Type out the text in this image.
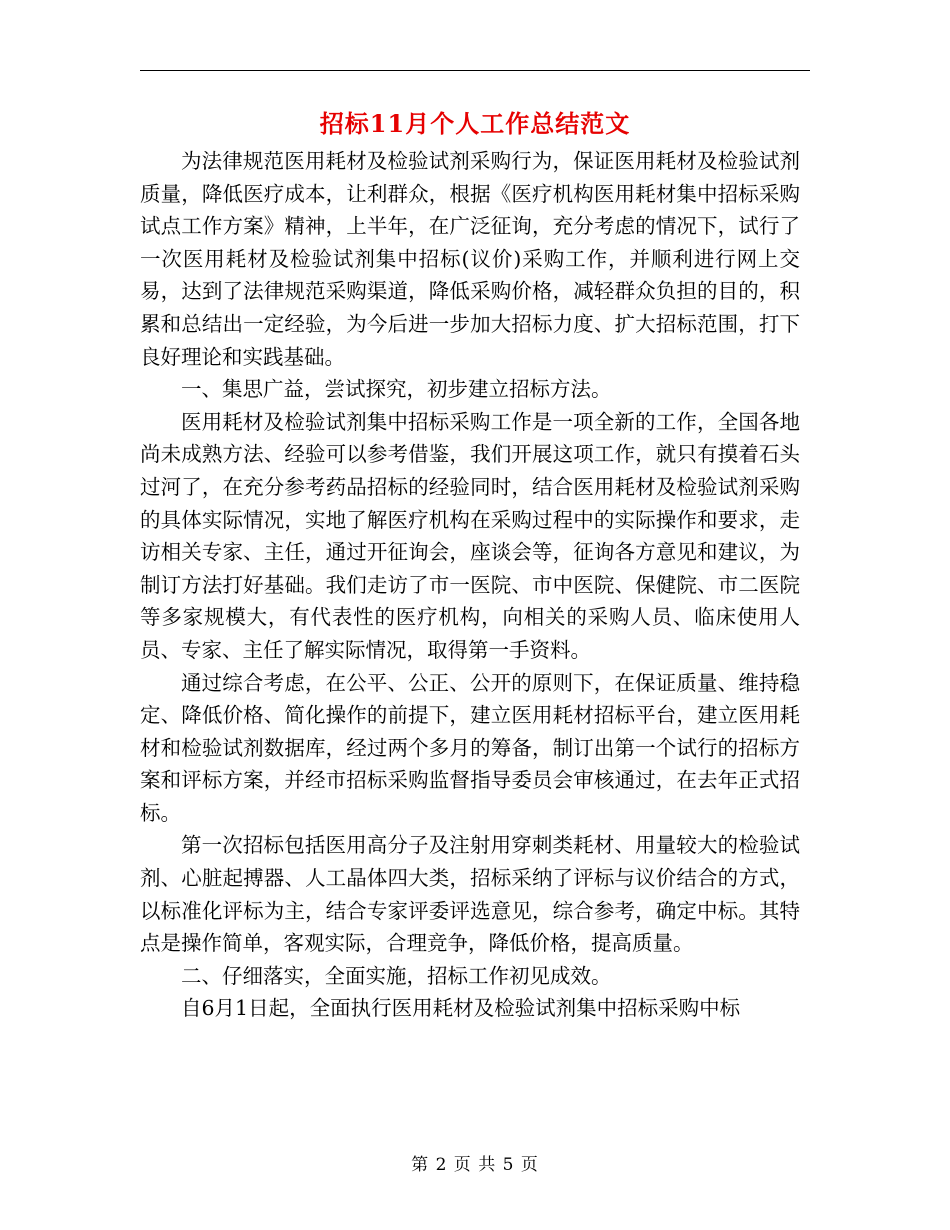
招标11月个人工作总结范文

为法律规范医用耗材及检验试剂采购行为，保证医用耗材及检验试剂质量，降低医疗成本，让利群众，根据《医疗机构医用耗材集中招标采购试点工作方案》精神，上半年，在广泛征询，充分考虑的情况下，试行了一次医用耗材及检验试剂集中招标(议价)采购工作，并顺利进行网上交易，达到了法律规范采购渠道，降低采购价格，减轻群众负担的目的，积累和总结出一定经验，为今后进一步加大招标力度、扩大招标范围，打下良好理论和实践基础。

一、集思广益，尝试探究，初步建立招标方法。

医用耗材及检验试剂集中招标采购工作是一项全新的工作，全国各地尚未成熟方法、经验可以参考借鉴，我们开展这项工作，就只有摸着石头过河了，在充分参考药品招标的经验同时，结合医用耗材及检验试剂采购的具体实际情况，实地了解医疗机构在采购过程中的实际操作和要求，走访相关专家、主任，通过开征询会，座谈会等，征询各方意见和建议，为制订方法打好基础。我们走访了市一医院、市中医院、保健院、市二医院等多家规模大，有代表性的医疗机构，向相关的采购人员、临床使用人员、专家、主任了解实际情况，取得第一手资料。

通过综合考虑，在公平、公正、公开的原则下，在保证质量、维持稳定、降低价格、简化操作的前提下，建立医用耗材招标平台，建立医用耗材和检验试剂数据库，经过两个多月的筹备，制订出第一个试行的招标方案和评标方案，并经市招标采购监督指导委员会审核通过，在去年正式招标。

第一次招标包括医用高分子及注射用穿刺类耗材、用量较大的检验试剂、心脏起搏器、人工晶体四大类，招标采纳了评标与议价结合的方式，以标准化评标为主，结合专家评委评选意见，综合参考，确定中标。其特点是操作简单，客观实际，合理竞争，降低价格，提高质量。

二、仔细落实，全面实施，招标工作初见成效。

自6月1日起，全面执行医用耗材及检验试剂集中招标采购中标

第 2 页 共 5 页
